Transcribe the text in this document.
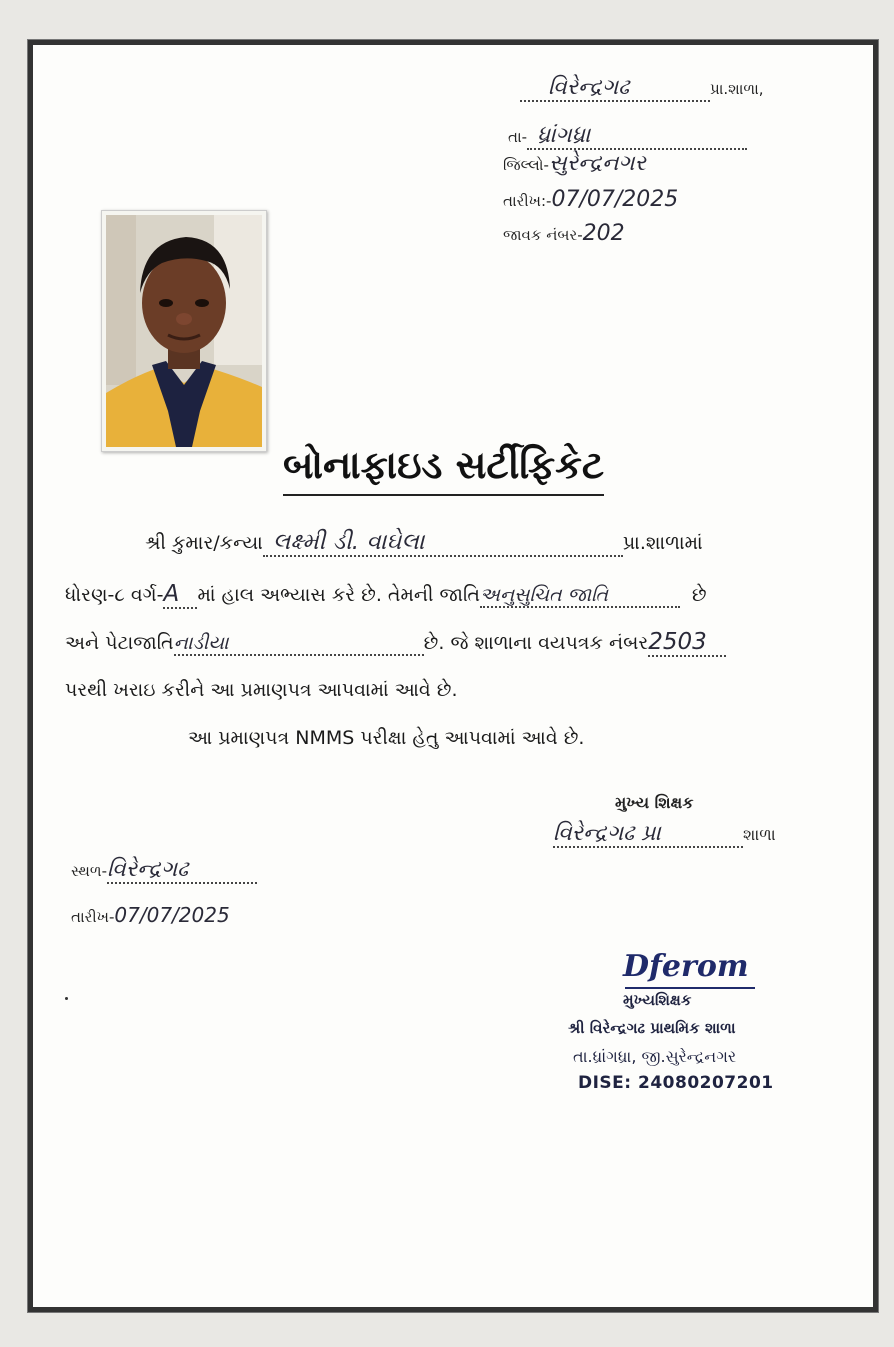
વિરેન્દ્રગઢ	પ્રા.શાળા,
તા- ધ્રાંગધ્રા
જિલ્લો-સુરેન્દ્રનગર
તારીખ:-07/07/2025
જાવક નંબર-202
બોનાફાઇડ સર્ટીફિકેટ
શ્રી કુમાર/કન્યા લક્ષ્મી ડી. વાઘેલા	પ્રા.શાળામાં
ધોરણ-૮ વર્ગ-A માં હાલ અભ્યાસ કરે છે. તેમની જાતિઅનુસુચિત જાતિ	છે
અને પેટાજાતિનાડીયા	છે. જે શાળાના વયપત્રક નંબર2503
પરથી ખરાઇ કરીને આ પ્રમાણપત્ર આપવામાં આવે છે.
આ પ્રમાણપત્ર NMMS પરીક્ષા હેતુ આપવામાં આવે છે.
મુખ્ય શિક્ષક
વિરેન્દ્રગઢ પ્રા	શાળા
સ્થળ-વિરેન્દ્રગઢ
તારીખ-07/07/2025
Dferom
મુખ્યશિક્ષક
શ્રી વિરેન્દ્રગઢ પ્રાથમિક શાળા
તા.ધ્રાંગધ્રા, જી.સુરેન્દ્રનગર
DISE: 24080207201
